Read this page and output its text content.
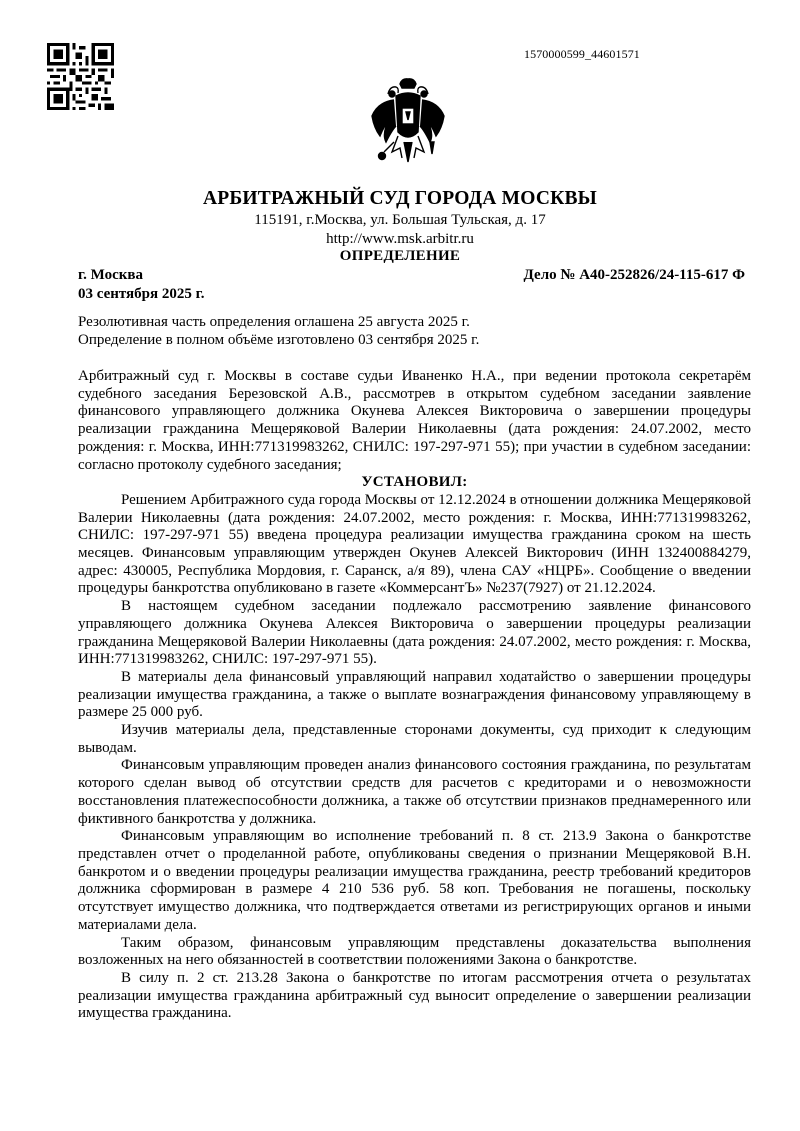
1570000599_44601571
АРБИТРАЖНЫЙ СУД ГОРОДА МОСКВЫ
115191, г.Москва, ул. Большая Тульская, д. 17
http://www.msk.arbitr.ru
ОПРЕДЕЛЕНИЕ
г. Москва	Дело № А40-252826/24-115-617 Ф
03 сентября 2025 г.
Резолютивная часть определения оглашена 25 августа 2025 г.
Определение в полном объёме изготовлено 03 сентября 2025 г.

Арбитражный суд г. Москвы в составе судьи Иваненко Н.А., при ведении протокола секретарём судебного заседания Березовской А.В., рассмотрев в открытом судебном заседании заявление финансового управляющего должника Окунева Алексея Викторовича о завершении процедуры реализации гражданина Мещеряковой Валерии Николаевны (дата рождения: 24.07.2002, место рождения: г. Москва, ИНН:771319983262, СНИЛС: 197-297-971 55); при участии в судебном заседании: согласно протоколу судебного заседания;

УСТАНОВИЛ:

Решением Арбитражного суда города Москвы от 12.12.2024 в отношении должника Мещеряковой Валерии Николаевны (дата рождения: 24.07.2002, место рождения: г. Москва, ИНН:771319983262, СНИЛС: 197-297-971 55) введена процедура реализации имущества гражданина сроком на шесть месяцев. Финансовым управляющим утвержден Окунев Алексей Викторович (ИНН 132400884279, адрес: 430005, Республика Мордовия, г. Саранск, а/я 89), члена САУ «НЦРБ». Сообщение о введении процедуры банкротства опубликовано в газете «КоммерсантЪ» №237(7927) от 21.12.2024.

В настоящем судебном заседании подлежало рассмотрению заявление финансового управляющего должника Окунева Алексея Викторовича о завершении процедуры реализации гражданина Мещеряковой Валерии Николаевны (дата рождения: 24.07.2002, место рождения: г. Москва, ИНН:771319983262, СНИЛС: 197-297-971 55).

В материалы дела финансовый управляющий направил ходатайство о завершении процедуры реализации имущества гражданина, а также о выплате вознаграждения финансовому управляющему в размере 25 000 руб.

Изучив материалы дела, представленные сторонами документы, суд приходит к следующим выводам.

Финансовым управляющим проведен анализ финансового состояния гражданина, по результатам которого сделан вывод об отсутствии средств для расчетов с кредиторами и о невозможности восстановления платежеспособности должника, а также об отсутствии признаков преднамеренного или фиктивного банкротства у должника.

Финансовым управляющим во исполнение требований п. 8 ст. 213.9 Закона о банкротстве представлен отчет о проделанной работе, опубликованы сведения о признании Мещеряковой В.Н. банкротом и о введении процедуры реализации имущества гражданина, реестр требований кредиторов должника сформирован в размере 4 210 536 руб. 58 коп. Требования не погашены, поскольку отсутствует имущество должника, что подтверждается ответами из регистрирующих органов и иными материалами дела.

Таким образом, финансовым управляющим представлены доказательства выполнения возложенных на него обязанностей в соответствии положениями Закона о банкротстве.

В силу п. 2 ст. 213.28 Закона о банкротстве по итогам рассмотрения отчета о результатах реализации имущества гражданина арбитражный суд выносит определение о завершении реализации имущества гражданина.
